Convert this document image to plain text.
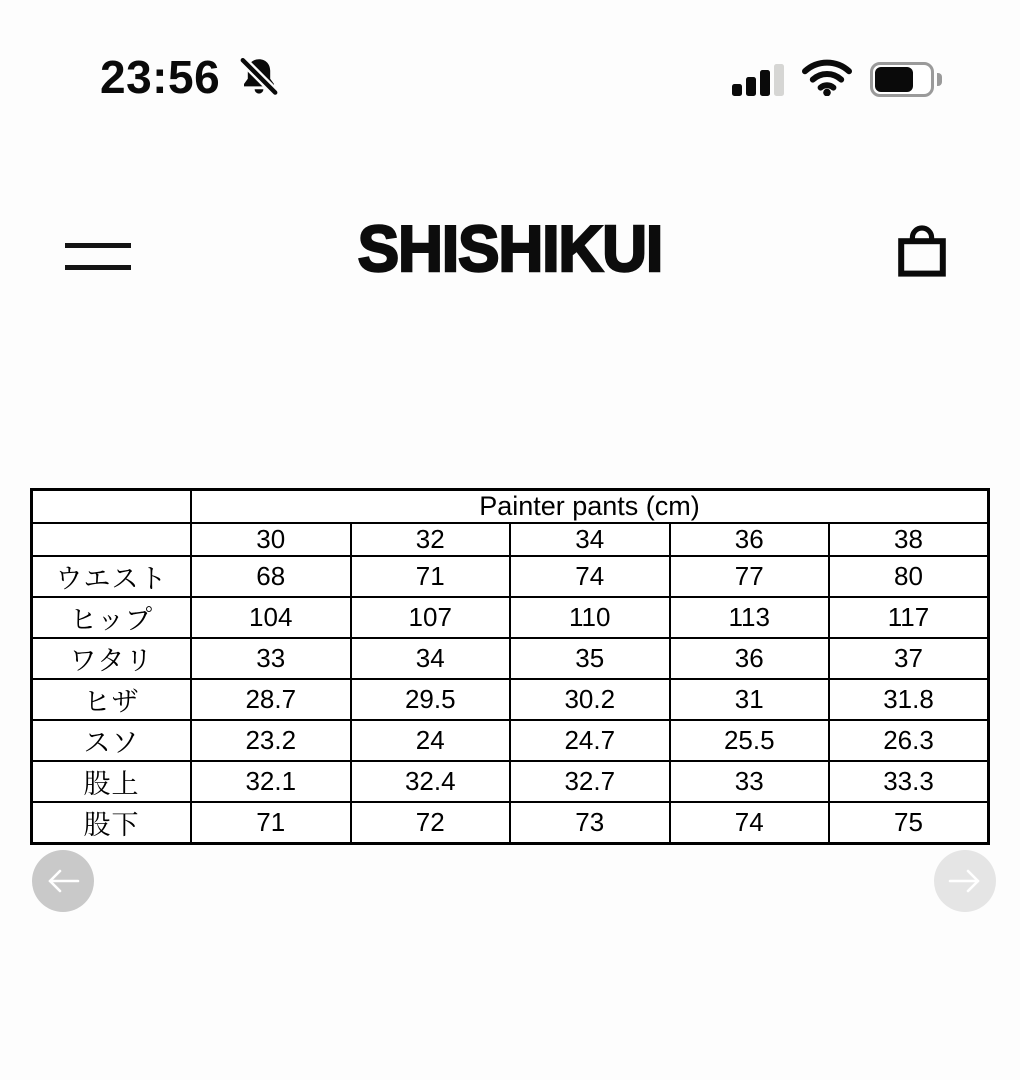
23:56
SHISHIKUI
	Painter pants (cm)				
	30	32	34	36	38
ウエスト	68	71	74	77	80
ヒップ	104	107	110	113	117
ワタリ	33	34	35	36	37
ヒザ	28.7	29.5	30.2	31	31.8
スソ	23.2	24	24.7	25.5	26.3
股上	32.1	32.4	32.7	33	33.3
股下	71	72	73	74	75
